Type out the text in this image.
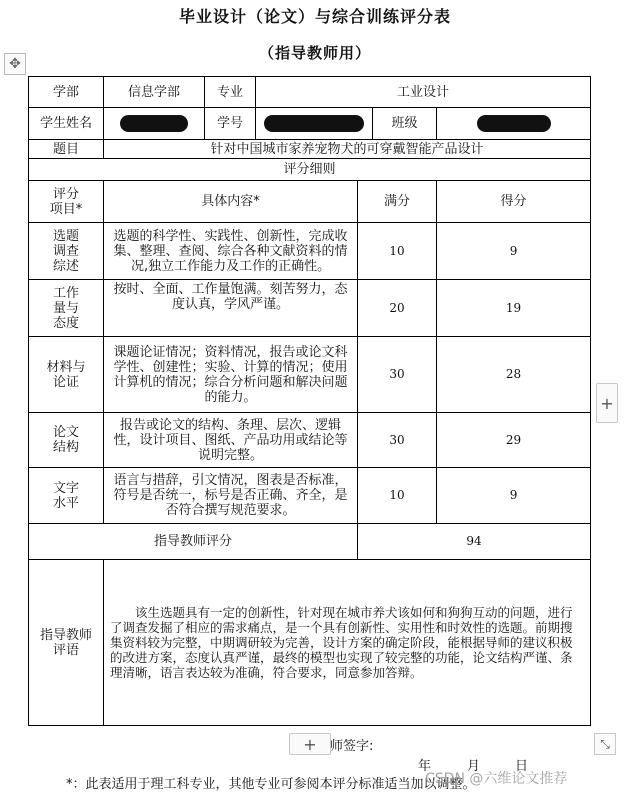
毕业设计（论文）与综合训练评分表
（指导教师用）
✥
学部	信息学部	专业	工业设计			
学生姓名		学号			班级	
题目	针对中国城市家养宠物犬的可穿戴智能产品设计					
评分细则						
评分
项目*	具体内容*			满分		得分
选题
调查
综述	选题的科学性、实践性、创新性，完成收集、整理、查阅、综合各种文献资料的情况,独立工作能力及工作的正确性。			10		9
工作
量与
态度	按时、全面、工作量饱满。刻苦努力，态度认真，学风严谨。			20		19
材料与
论证	课题论证情况；资料情况，报告或论文科学性、创建性；实验、计算的情况；使用计算机的情况；综合分析问题和解决问题的能力。			30		28
论文
结构	报告或论文的结构、条理、层次、逻辑性，设计项目、图纸、产品功用或结论等说明完整。			30		29
文字
水平	语言与措辞，引文情况，图表是否标准，符号是否统一，标号是否正确、齐全，是否符合撰写规范要求。			10		9
指导教师评分				94		
指导教师
评语	该生选题具有一定的创新性，针对现在城市养犬该如何和狗狗互动的问题，进行了调查发掘了相应的需求痛点，是一个具有创新性、实用性和时效性的选题。前期搜集资料较为完整，中期调研较为完善，设计方案的确定阶段，能根据导师的建议积极的改进方案，态度认真严谨，最终的模型也实现了较完整的功能，论文结构严谨、条理清晰，语言表达较为准确，符合要求，同意参加答辩。					

+
+	⤡
师签字:
年	月	日
*：此表适用于理工科专业，其他专业可参阅本评分标准适当加以调整。
CSDN @六维论文推荐
